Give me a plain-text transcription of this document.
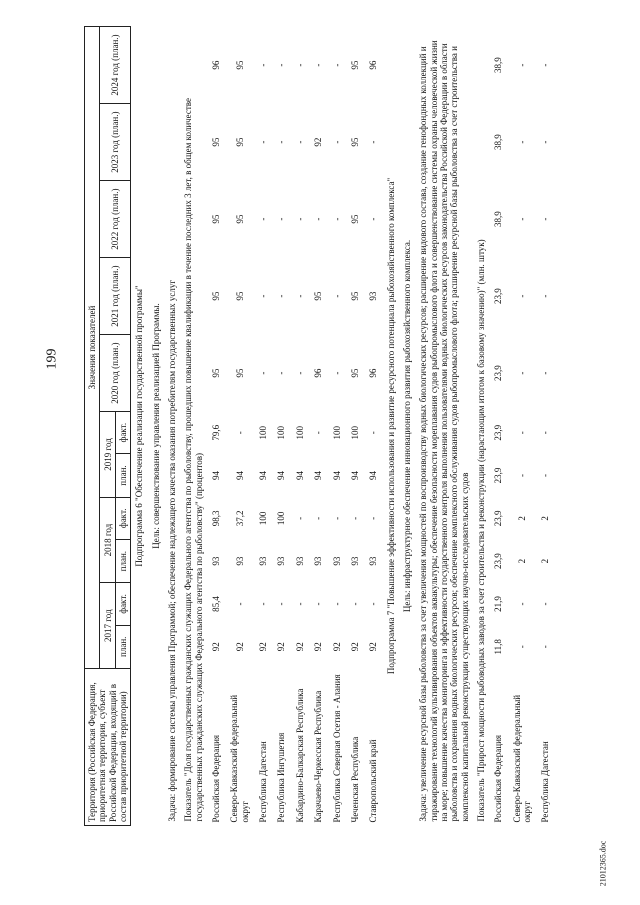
199
21012365.doc
Территория (Российская Федерация, приоритетная территория, субъект Российской Федерации, входящий в состав приоритетной территории)	Значения показателей										
	2017 год		2018 год		2019 год		2020 год (план.)	2021 год (план.)	2022 год (план.)	2023 год (план.)	2024 год (план.)
	план.	факт.	план.	факт.	план.	факт.					
Подпрограмма 6 "Обеспечение реализации государственной программы"											
Цель: совершенствование управления реализацией Программы.											
Задача: формирование системы управления Программой; обеспечение надлежащего качества оказания потребителям государственных услуг											
Показатель "Доля государственных гражданских служащих Федерального агентства по рыболовству, прошедших повышение квалификации в течение последних 3 лет, в общем количестве государственных гражданских служащих Федерального агентства по рыболовству" (процентов)											
Российская Федерация	92	85,4	93	98,3	94	79,6	95	95	95	95	96
Северо-Кавказский федеральный округ	92	-	93	37,2	94	-	95	95	95	95	95
Республика Дагестан	92	-	93	100	94	100	-	-	-	-	-
Республика Ингушетия	92	-	93	100	94	100	-	-	-	-	-
Кабардино-Балкарская Республика	92	-	93	-	94	100	-	-	-	-	-
Карачаево-Черкесская Республика	92	-	93	-	94	-	96	95	-	92	-
Республика Северная Осетия - Алания	92	-	93	-	94	100	-	-	-	-	-
Чеченская Республика	92	-	93	-	94	100	95	95	95	95	95
Ставропольский край	92	-	93	-	94	-	96	93	-	-	96
Подпрограмма 7 "Повышение эффективности использования и развитие ресурсного потенциала рыбохозяйственного комплекса"											
Цель: инфраструктурное обеспечение инновационного развития рыбохозяйственного комплекса.											
Задача: увеличение ресурсной базы рыболовства за счет увеличения мощностей по воспроизводству водных биологических ресурсов; расширение видового состава, создание генофондных коллекций и тиражирование технологий культивирования объектов аквакультуры; обеспечение безопасности мореплавания судов рыбопромыслового флота и совершенствование системы охраны человеческой жизни на море; повышение качества мониторинга и эффективности государственного контроля выполнения пользователями водных биологических ресурсов законодательства Российской Федерации в области рыболовства и сохранения водных биологических ресурсов; обеспечение комплексного обслуживания судов рыбопромыслового флота; расширение ресурсной базы рыболовства за счет строительства и комплексной капитальной реконструкции существующих научно-исследовательских судов											
Показатель "Прирост мощности рыбоводных заводов за счет строительства и реконструкции (нарастающим итогом к базовому значению)" (млн. штук)											
Российская Федерация	11,8	21,9	23,9	23,9	23,9	23,9	23,9	23,9	38,9	38,9	38,9
Северо-Кавказский федеральный округ	-	-	2	2	-	-	-	-	-	-	-
Республика Дагестан	-	-	2	2	-	-	-	-	-	-	-
